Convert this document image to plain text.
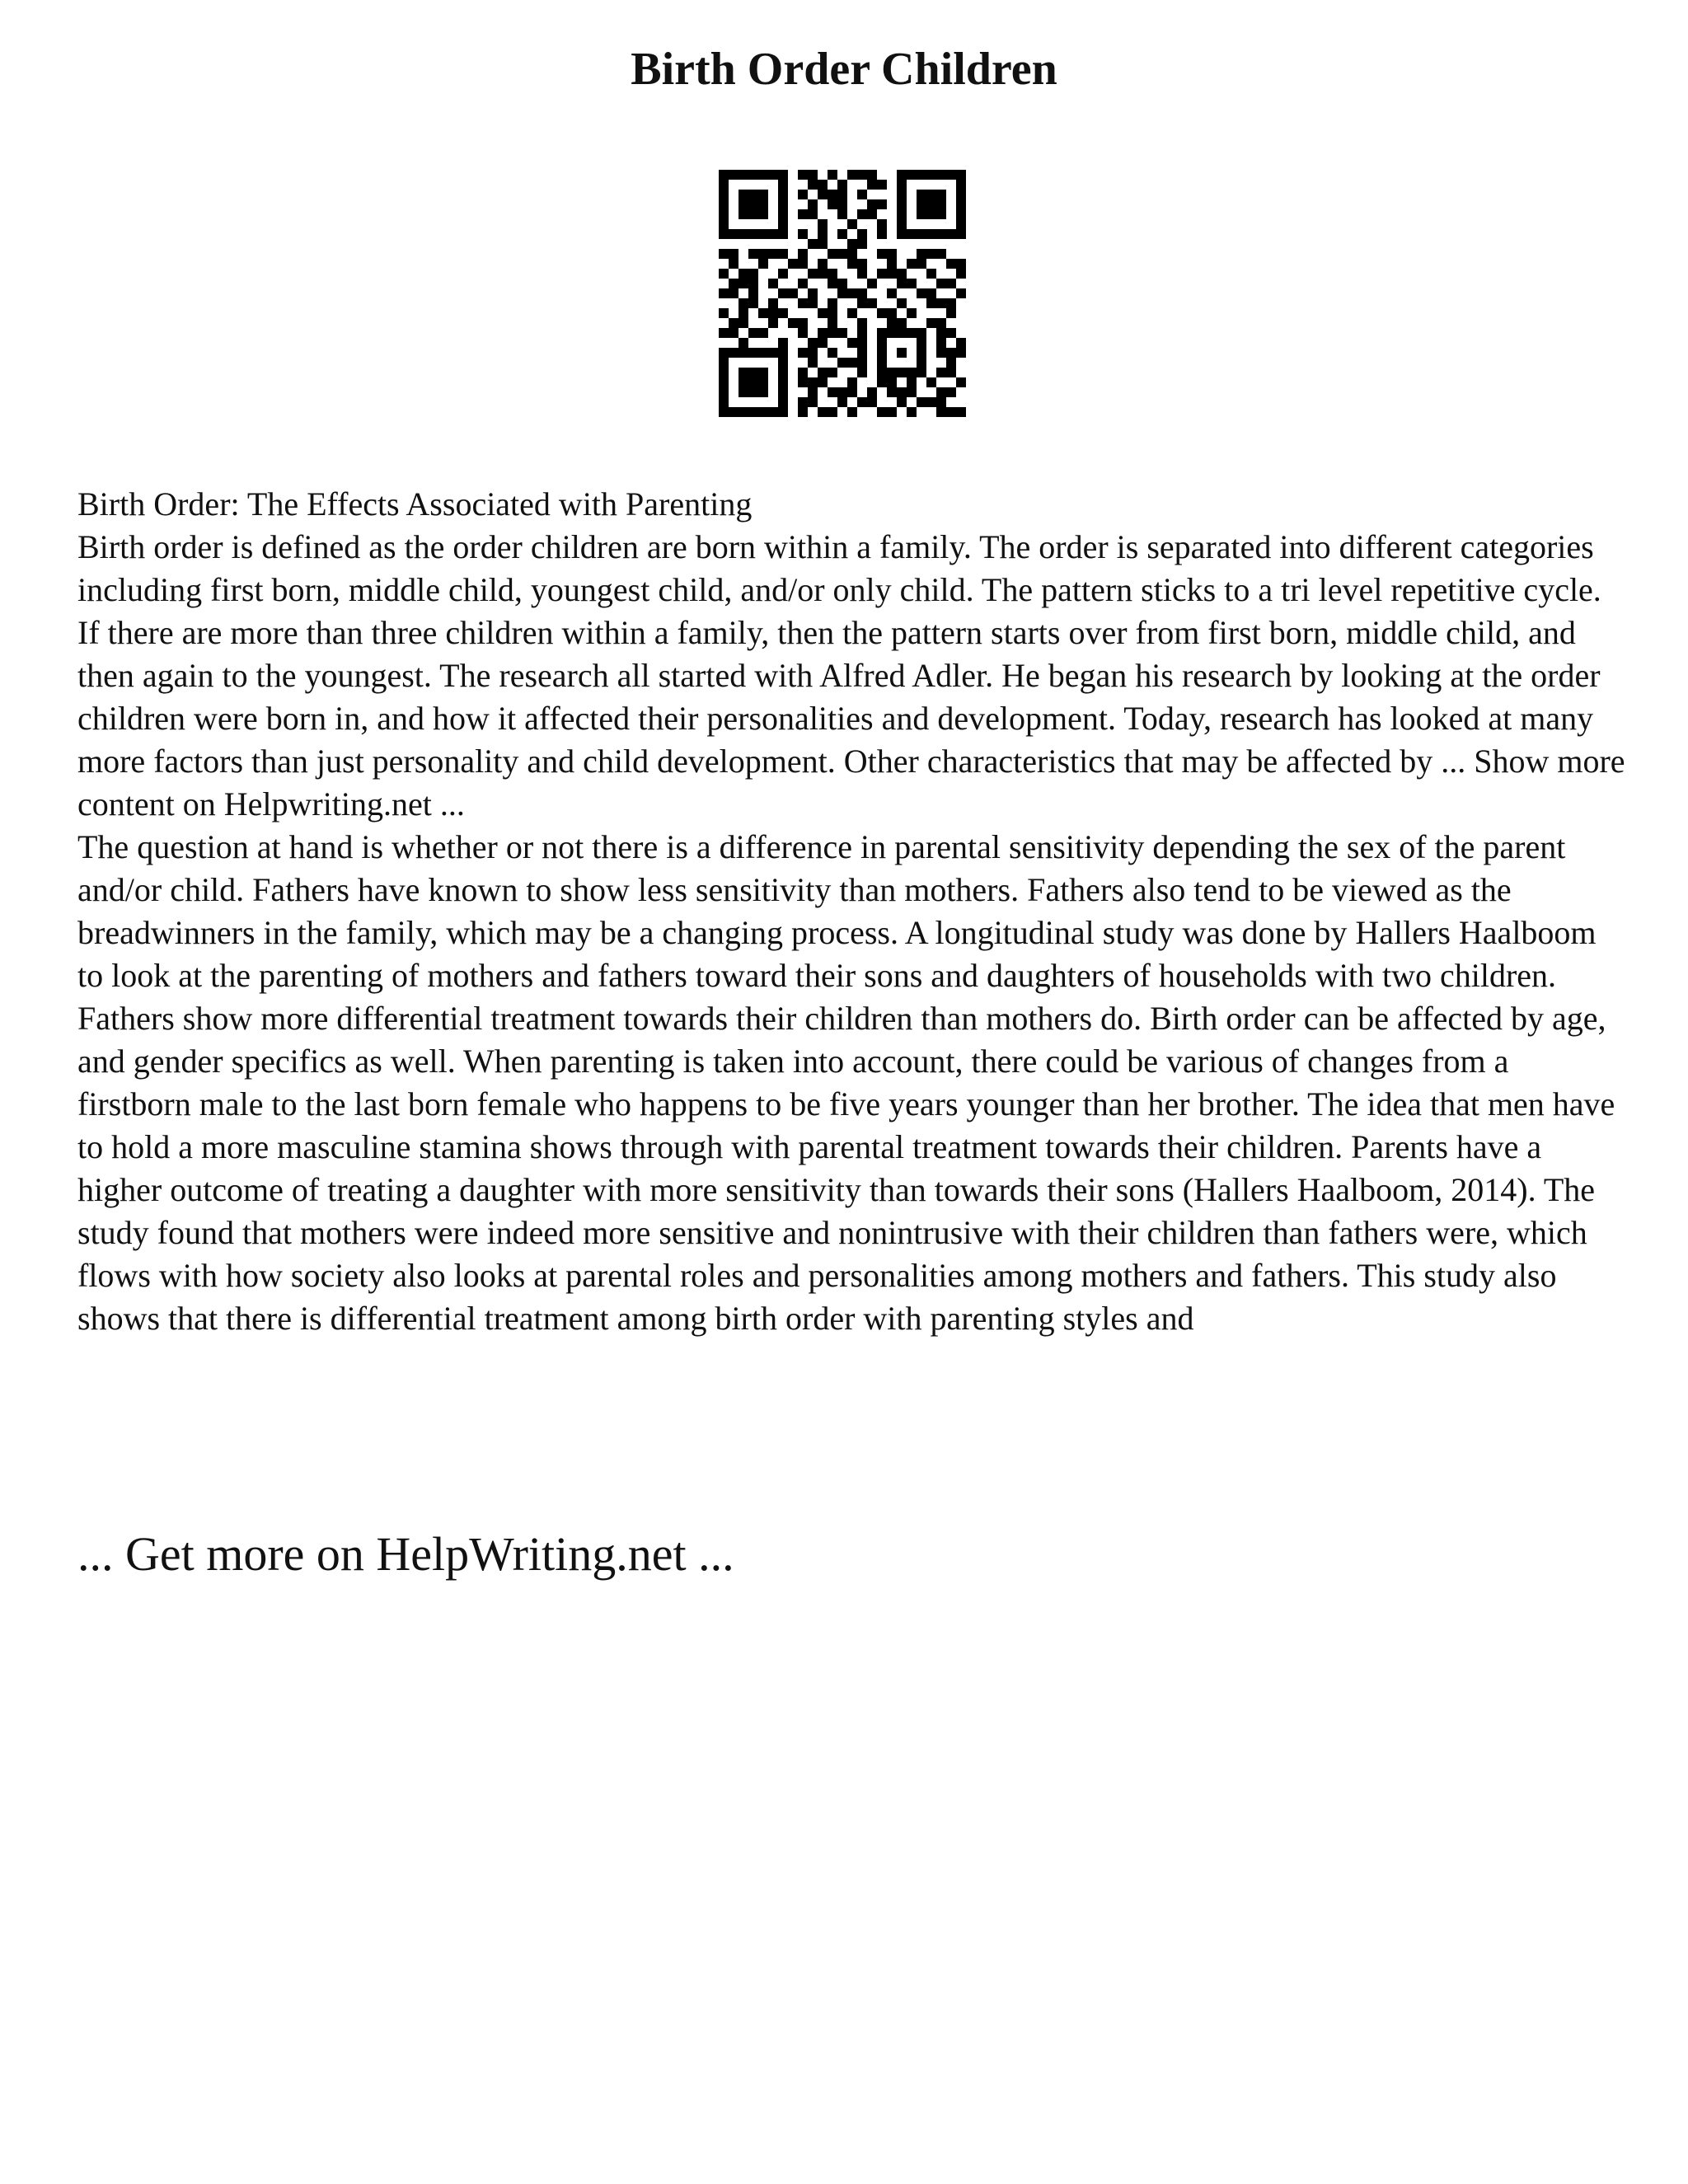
Birth Order Children

Birth Order: The Effects Associated with Parenting

Birth order is defined as the order children are born within a family. The order is separated into different categories including first born, middle child, youngest child, and/or only child. The pattern sticks to a tri level repetitive cycle. If there are more than three children within a family, then the pattern starts over from first born, middle child, and then again to the youngest. The research all started with Alfred Adler. He began his research by looking at the order children were born in, and how it affected their personalities and development. Today, research has looked at many more factors than just personality and child development. Other characteristics that may be affected by ... Show more content on Helpwriting.net ...

The question at hand is whether or not there is a difference in parental sensitivity depending the sex of the parent and/or child. Fathers have known to show less sensitivity than mothers. Fathers also tend to be viewed as the breadwinners in the family, which may be a changing process. A longitudinal study was done by Hallers Haalboom to look at the parenting of mothers and fathers toward their sons and daughters of households with two children. Fathers show more differential treatment towards their children than mothers do. Birth order can be affected by age, and gender specifics as well. When parenting is taken into account, there could be various of changes from a firstborn male to the last born female who happens to be five years younger than her brother. The idea that men have to hold a more masculine stamina shows through with parental treatment towards their children. Parents have a higher outcome of treating a daughter with more sensitivity than towards their sons (Hallers Haalboom, 2014). The study found that mothers were indeed more sensitive and nonintrusive with their children than fathers were, which flows with how society also looks at parental roles and personalities among mothers and fathers. This study also shows that there is differential treatment among birth order with parenting styles and

... Get more on HelpWriting.net ...
